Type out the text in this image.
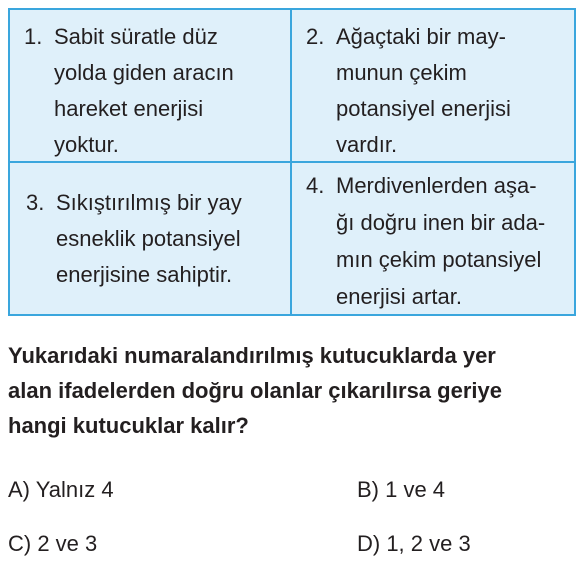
1. Sabit süratle düz
yolda giden aracın
hareket enerjisi
yoktur.
2. Ağaçtaki bir may-
munun çekim
potansiyel enerjisi
vardır.
3. Sıkıştırılmış bir yay
esneklik potansiyel
enerjisine sahiptir.
4. Merdivenlerden aşa-
ğı doğru inen bir ada-
mın çekim potansiyel
enerjisi artar.
Yukarıdaki numaralandırılmış kutucuklarda yer
alan ifadelerden doğru olanlar çıkarılırsa geriye
hangi kutucuklar kalır?
A) Yalnız 4	B) 1 ve 4
C) 2 ve 3	D) 1, 2 ve 3
